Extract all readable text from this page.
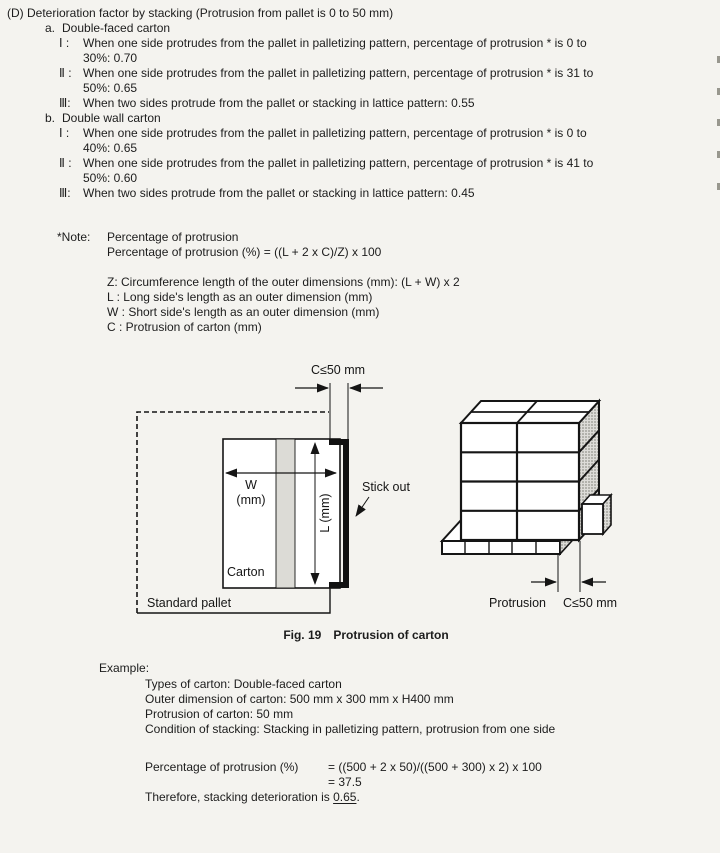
(D) Deterioration factor by stacking (Protrusion from pallet is 0 to 50 mm)
a. Double-faced carton
Ⅰ : When one side protrudes from the pallet in palletizing pattern, percentage of protrusion * is 0 to
30%: 0.70
Ⅱ : When one side protrudes from the pallet in palletizing pattern, percentage of protrusion * is 31 to
50%: 0.65
Ⅲ: When two sides protrude from the pallet or stacking in lattice pattern: 0.55
b. Double wall carton
Ⅰ : When one side protrudes from the pallet in palletizing pattern, percentage of protrusion * is 0 to
40%: 0.65
Ⅱ : When one side protrudes from the pallet in palletizing pattern, percentage of protrusion * is 41 to
50%: 0.60
Ⅲ: When two sides protrude from the pallet or stacking in lattice pattern: 0.45
*Note: Percentage of protrusion
Percentage of protrusion (%) = ((L + 2 x C)/Z) x 100
Z: Circumference length of the outer dimensions (mm): (L + W) x 2
L : Long side's length as an outer dimension (mm)
W : Short side's length as an outer dimension (mm)
C : Protrusion of carton (mm)
C≤50 mm
W
(mm)	L (mm)
Carton
Standard pallet
Stick out
Protrusion C≤50 mm
Fig. 19 Protrusion of carton
Example:
Types of carton: Double-faced carton
Outer dimension of carton: 500 mm x 300 mm x H400 mm
Protrusion of carton: 50 mm
Condition of stacking: Stacking in palletizing pattern, protrusion from one side
Percentage of protrusion (%) = ((500 + 2 x 50)/((500 + 300) x 2) x 100
= 37.5
Therefore, stacking deterioration is 0.65.
